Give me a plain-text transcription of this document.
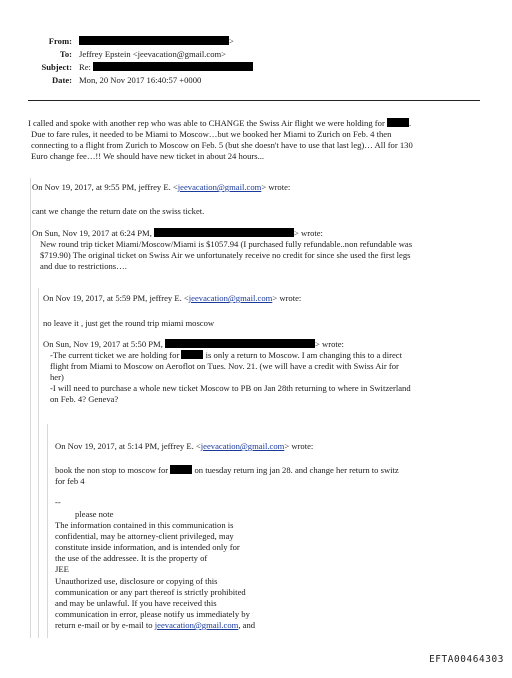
From:	>
To: Jeffrey Epstein <jeevacation@gmail.com>
Subject: Re:
Date: Mon, 20 Nov 2017 16:40:57 +0000
I called and spoke with another rep who was able to CHANGE the Swiss Air flight we were holding for	.
Due to fare rules, it needed to be Miami to Moscow…but we booked her Miami to Zurich on Feb. 4 then
connecting to a flight from Zurich to Moscow on Feb. 5 (but she doesn't have to use that last leg)… All for 130
Euro change fee…!! We should have new ticket in about 24 hours...
On Nov 19, 2017, at 9:55 PM, jeffrey E. <jeevacation@gmail.com> wrote:
cant we change the return date on the swiss ticket.
On Sun, Nov 19, 2017 at 6:24 PM,	> wrote:
New round trip ticket Miami/Moscow/Miami is $1057.94 (I purchased fully refundable..non refundable was
$719.90) The original ticket on Swiss Air we unfortunately receive no credit for since she used the first legs
and due to restrictions….
On Nov 19, 2017, at 5:59 PM, jeffrey E. <jeevacation@gmail.com> wrote:
no leave it , just get the round trip miami moscow
On Sun, Nov 19, 2017 at 5:50 PM,	> wrote:
-The current ticket we are holding for	is only a return to Moscow. I am changing this to a direct
flight from Miami to Moscow on Aeroflot on Tues. Nov. 21. (we will have a credit with Swiss Air for
her)
-I will need to purchase a whole new ticket Moscow to PB on Jan 28th returning to where in Switzerland
on Feb. 4? Geneva?
On Nov 19, 2017, at 5:14 PM, jeffrey E. <jeevacation@gmail.com> wrote:
book the non stop to moscow for	on tuesday return ing jan 28. and change her return to switz
for feb 4
--
please note
The information contained in this communication is
confidential, may be attorney-client privileged, may
constitute inside information, and is intended only for
the use of the addressee. It is the property of
JEE
Unauthorized use, disclosure or copying of this
communication or any part thereof is strictly prohibited
and may be unlawful. If you have received this
communication in error, please notify us immediately by
return e-mail or by e-mail to jeevacation@gmail.com, and
EFTA00464303
